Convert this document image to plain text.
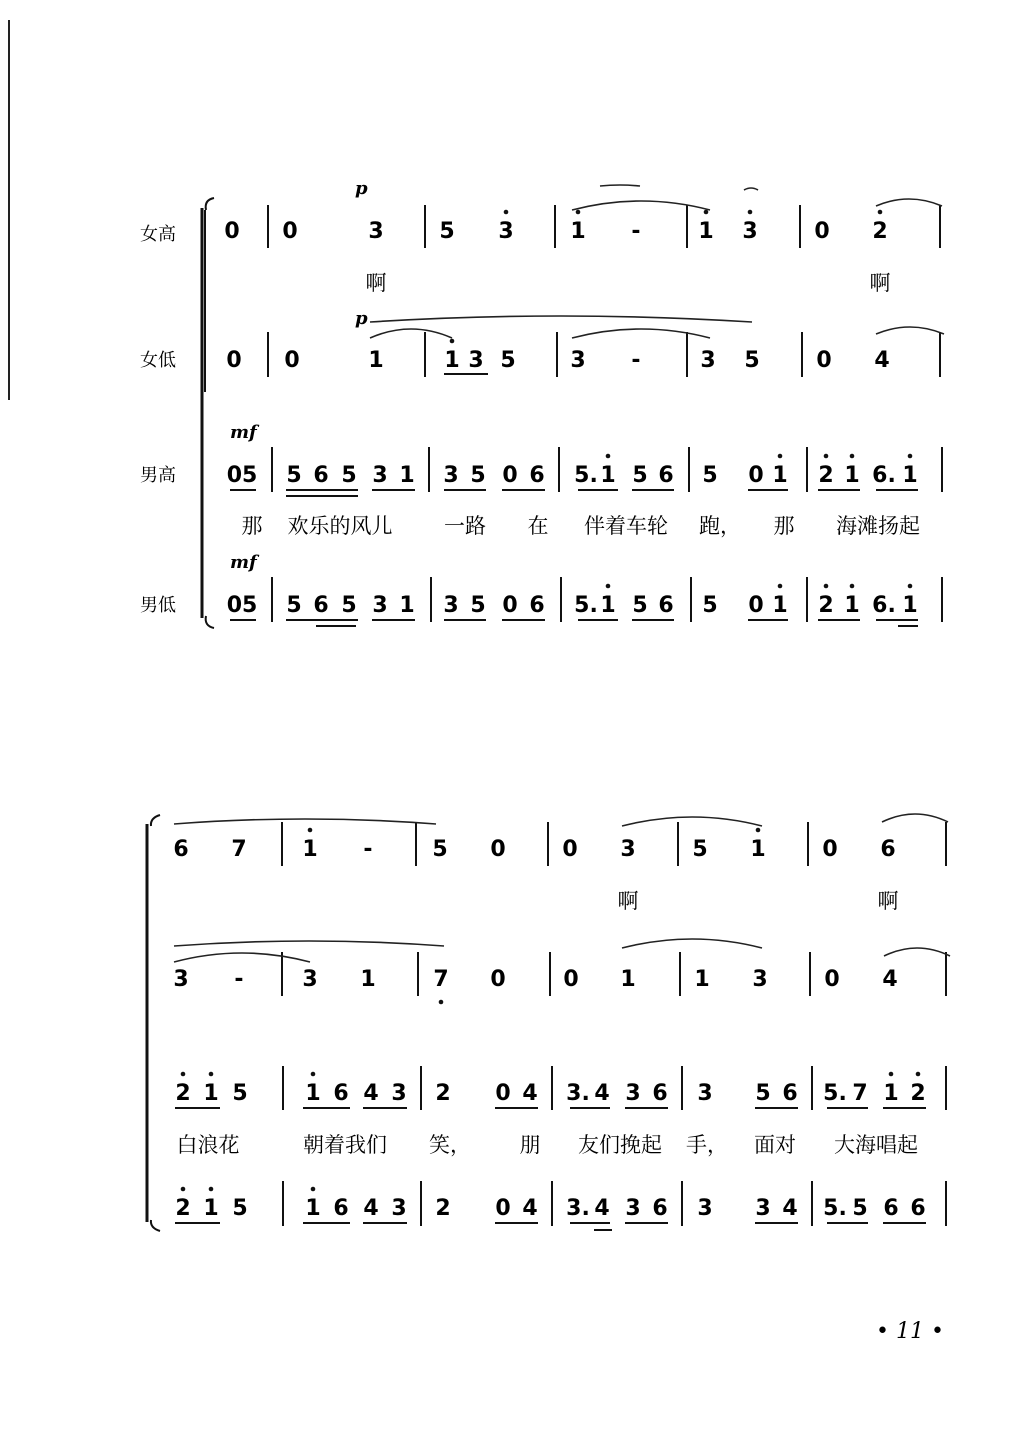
女高
女低
男高
男低
p
p
mf
mf
0 0	3	5 3	1 -	1 3	0 2
啊	啊
0 0	1	1 3 5 3 -	3 5	0 4
05 5 6 5 3 1 3 5 0 6 5. 1 5 6 5 0 1 2 1 6. 1
那 欢乐的风儿 一路 在 伴着车轮 跑， 那 海滩扬起
05 5 6 5 3 1 3 5 0 6 5. 1 5 6 5 0 1 2 1 6. 1
6 7	1 -	5 0	0 3	5 1	0 6
啊	啊
3 -	3 1	7 0	0 1	1 3	0 4
2 1 5	1 6 4 3 2 0 4 3. 4 3 6 3 5 6 5. 7 1 2
白浪花	朝着我们 笑， 朋 友们挽起 手， 面对 大海唱起
2 1 5	1 6 4 3 2 0 4 3. 4 3 6 3 3 4 5. 5 6 6
• 11 •
